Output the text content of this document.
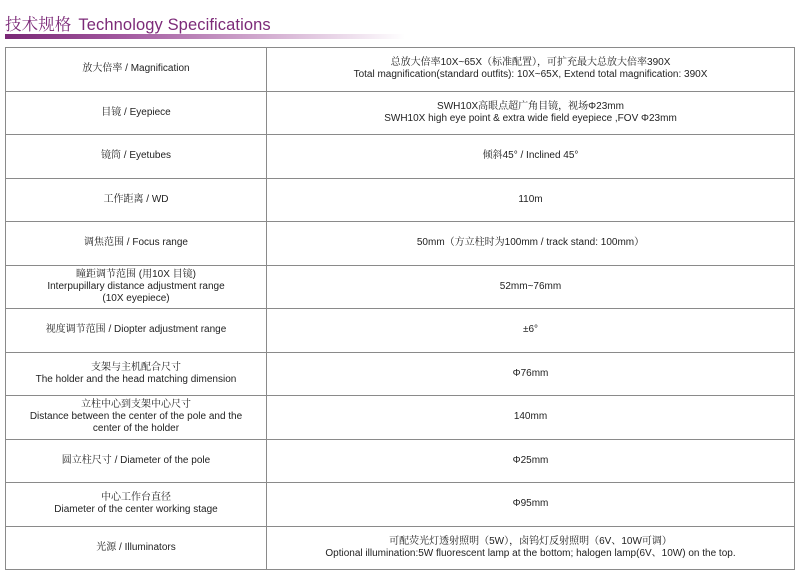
技术规格 Technology Specifications
放大倍率 / Magnification	总放大倍率10X~65X（标准配置），可扩充最大总放大倍率390X
Total magnification(standard outfits): 10X~65X, Extend total magnification: 390X

目镜 / Eyepiece	SWH10X高眼点超广角目镜，视场Φ23mm
SWH10X high eye point & extra wide field eyepiece ,FOV Φ23mm

镜筒 / Eyetubes	倾斜45° / Inclined 45°

工作距离 / WD	110m

调焦范围 / Focus range	50mm（方立柱时为100mm / track stand: 100mm）

瞳距调节范围 (用10X 目镜)
Interpupillary distance adjustment range
(10X eyepiece)	52mm~76mm

视度调节范围 / Diopter adjustment range	±6°

支架与主机配合尺寸
The holder and the head matching dimension	Φ76mm

立柱中心到支架中心尺寸
Distance between the center of the pole and the
center of the holder	140mm

圆立柱尺寸 / Diameter of the pole	Φ25mm

中心工作台直径
Diameter of the center working stage	Φ95mm

光源 / Illuminators	可配荧光灯透射照明（5W），卤钨灯反射照明（6V、10W可调）
Optional illumination:5W fluorescent lamp at the bottom; halogen lamp(6V、10W) on the top.
